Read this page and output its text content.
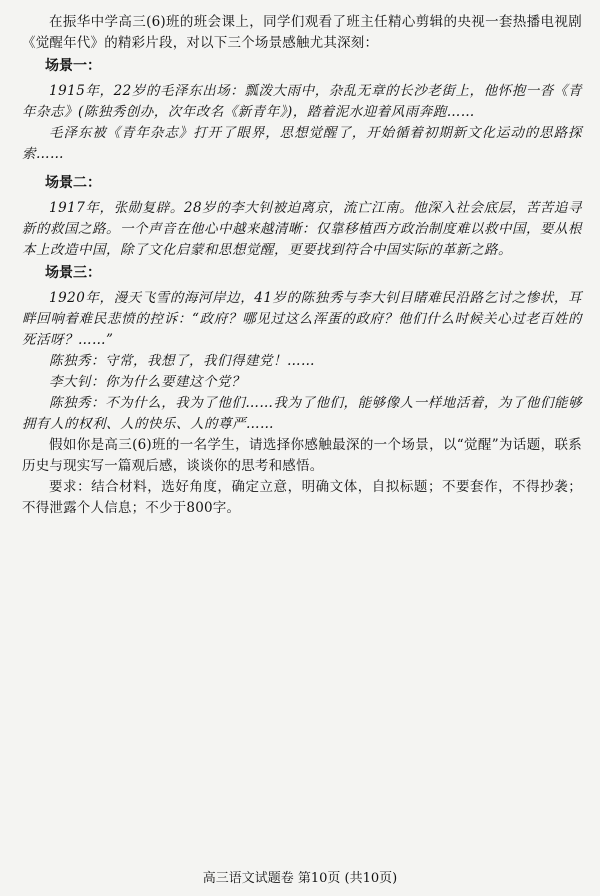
在振华中学高三(6)班的班会课上，同学们观看了班主任精心剪辑的央视一套热播电视剧《觉醒年代》的精彩片段，对以下三个场景感触尤其深刻：

场景一：

1915年，22岁的毛泽东出场：瓢泼大雨中，杂乱无章的长沙老街上，他怀抱一沓《青年杂志》(陈独秀创办，次年改名《新青年》)，踏着泥水迎着风雨奔跑……

毛泽东被《青年杂志》打开了眼界，思想觉醒了，开始循着初期新文化运动的思路探索……

场景二：

1917年，张勋复辟。28岁的李大钊被迫离京，流亡江南。他深入社会底层，苦苦追寻新的救国之路。一个声音在他心中越来越清晰：仅靠移植西方政治制度难以救中国，要从根本上改造中国，除了文化启蒙和思想觉醒，更要找到符合中国实际的革新之路。

场景三：

1920年，漫天飞雪的海河岸边，41岁的陈独秀与李大钊目睹难民沿路乞讨之惨状，耳畔回响着难民悲愤的控诉：“政府？哪见过这么浑蛋的政府？他们什么时候关心过老百姓的死活呀？……”

陈独秀：守常，我想了，我们得建党！……

李大钊：你为什么要建这个党？

陈独秀：不为什么，我为了他们……我为了他们，能够像人一样地活着，为了他们能够拥有人的权利、人的快乐、人的尊严……

假如你是高三(6)班的一名学生，请选择你感触最深的一个场景，以“觉醒”为话题，联系历史与现实写一篇观后感，谈谈你的思考和感悟。

要求：结合材料，选好角度，确定立意，明确文体，自拟标题；不要套作，不得抄袭；不得泄露个人信息；不少于800字。

高三语文试题卷 第10页 (共10页)
